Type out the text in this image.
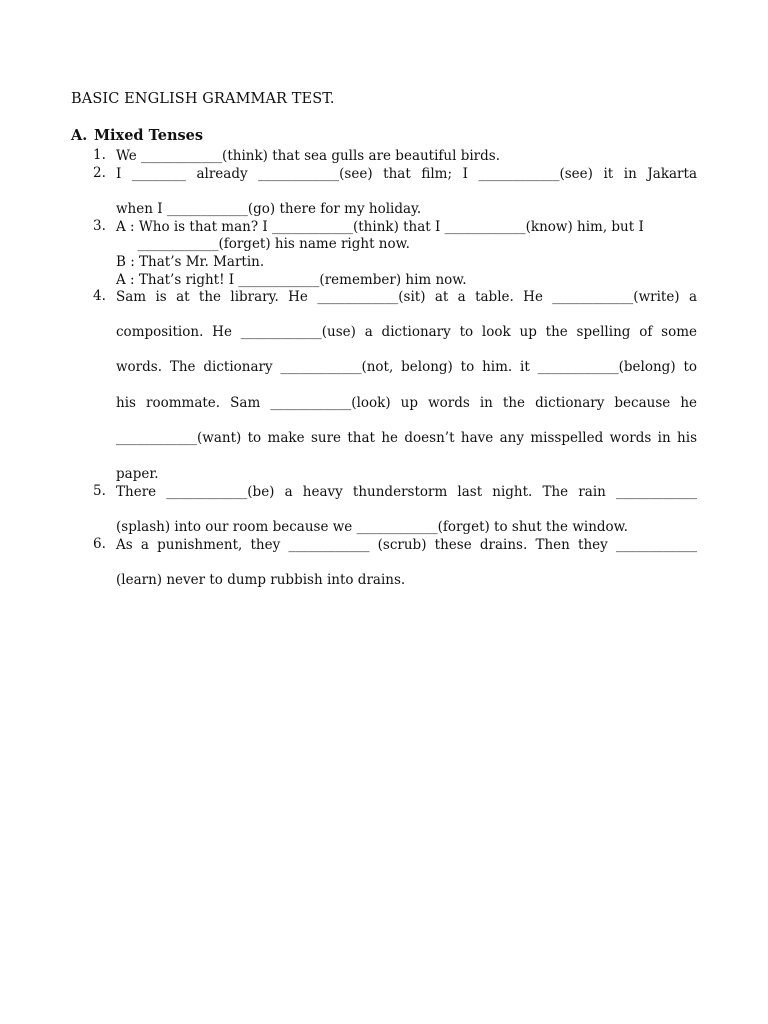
BASIC ENGLISH GRAMMAR TEST.
A. Mixed Tenses
1. We ____________(think) that sea gulls are beautiful birds.
2. I ________ already ____________(see) that film; I ____________(see) it in Jakarta
when I ____________(go) there for my holiday.
3. A : Who is that man? I ____________(think) that I ____________(know) him, but I
____________(forget) his name right now.
B : That’s Mr. Martin.
A : That’s right! I ____________(remember) him now.
4. Sam is at the library. He ____________(sit) at a table. He ____________(write) a
composition. He ____________(use) a dictionary to look up the spelling of some
words. The dictionary ____________(not, belong) to him. it ____________(belong) to
his roommate. Sam ____________(look) up words in the dictionary because he
____________(want) to make sure that he doesn’t have any misspelled words in his
paper.
5. There ____________(be) a heavy thunderstorm last night. The rain ____________
(splash) into our room because we ____________(forget) to shut the window.
6. As a punishment, they ____________ (scrub) these drains. Then they ____________
(learn) never to dump rubbish into drains.
